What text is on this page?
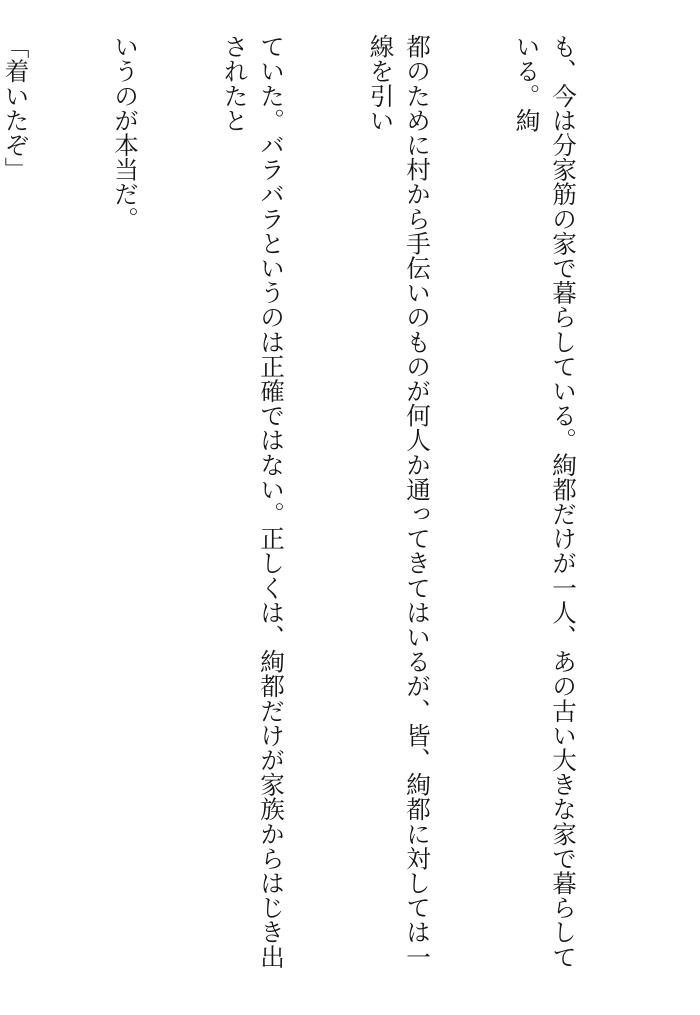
も、今は分家筋の家で暮らしている。絢都だけが一人、あの古い大きな家で暮らしている。絢

都のために村から手伝いのものが何人か通ってきてはいるが、皆、絢都に対しては一線を引い

ていた。バラバラというのは正確ではない。正しくは、絢都だけが家族からはじき出されたと

いうのが本当だ。

「着いたぞ」
